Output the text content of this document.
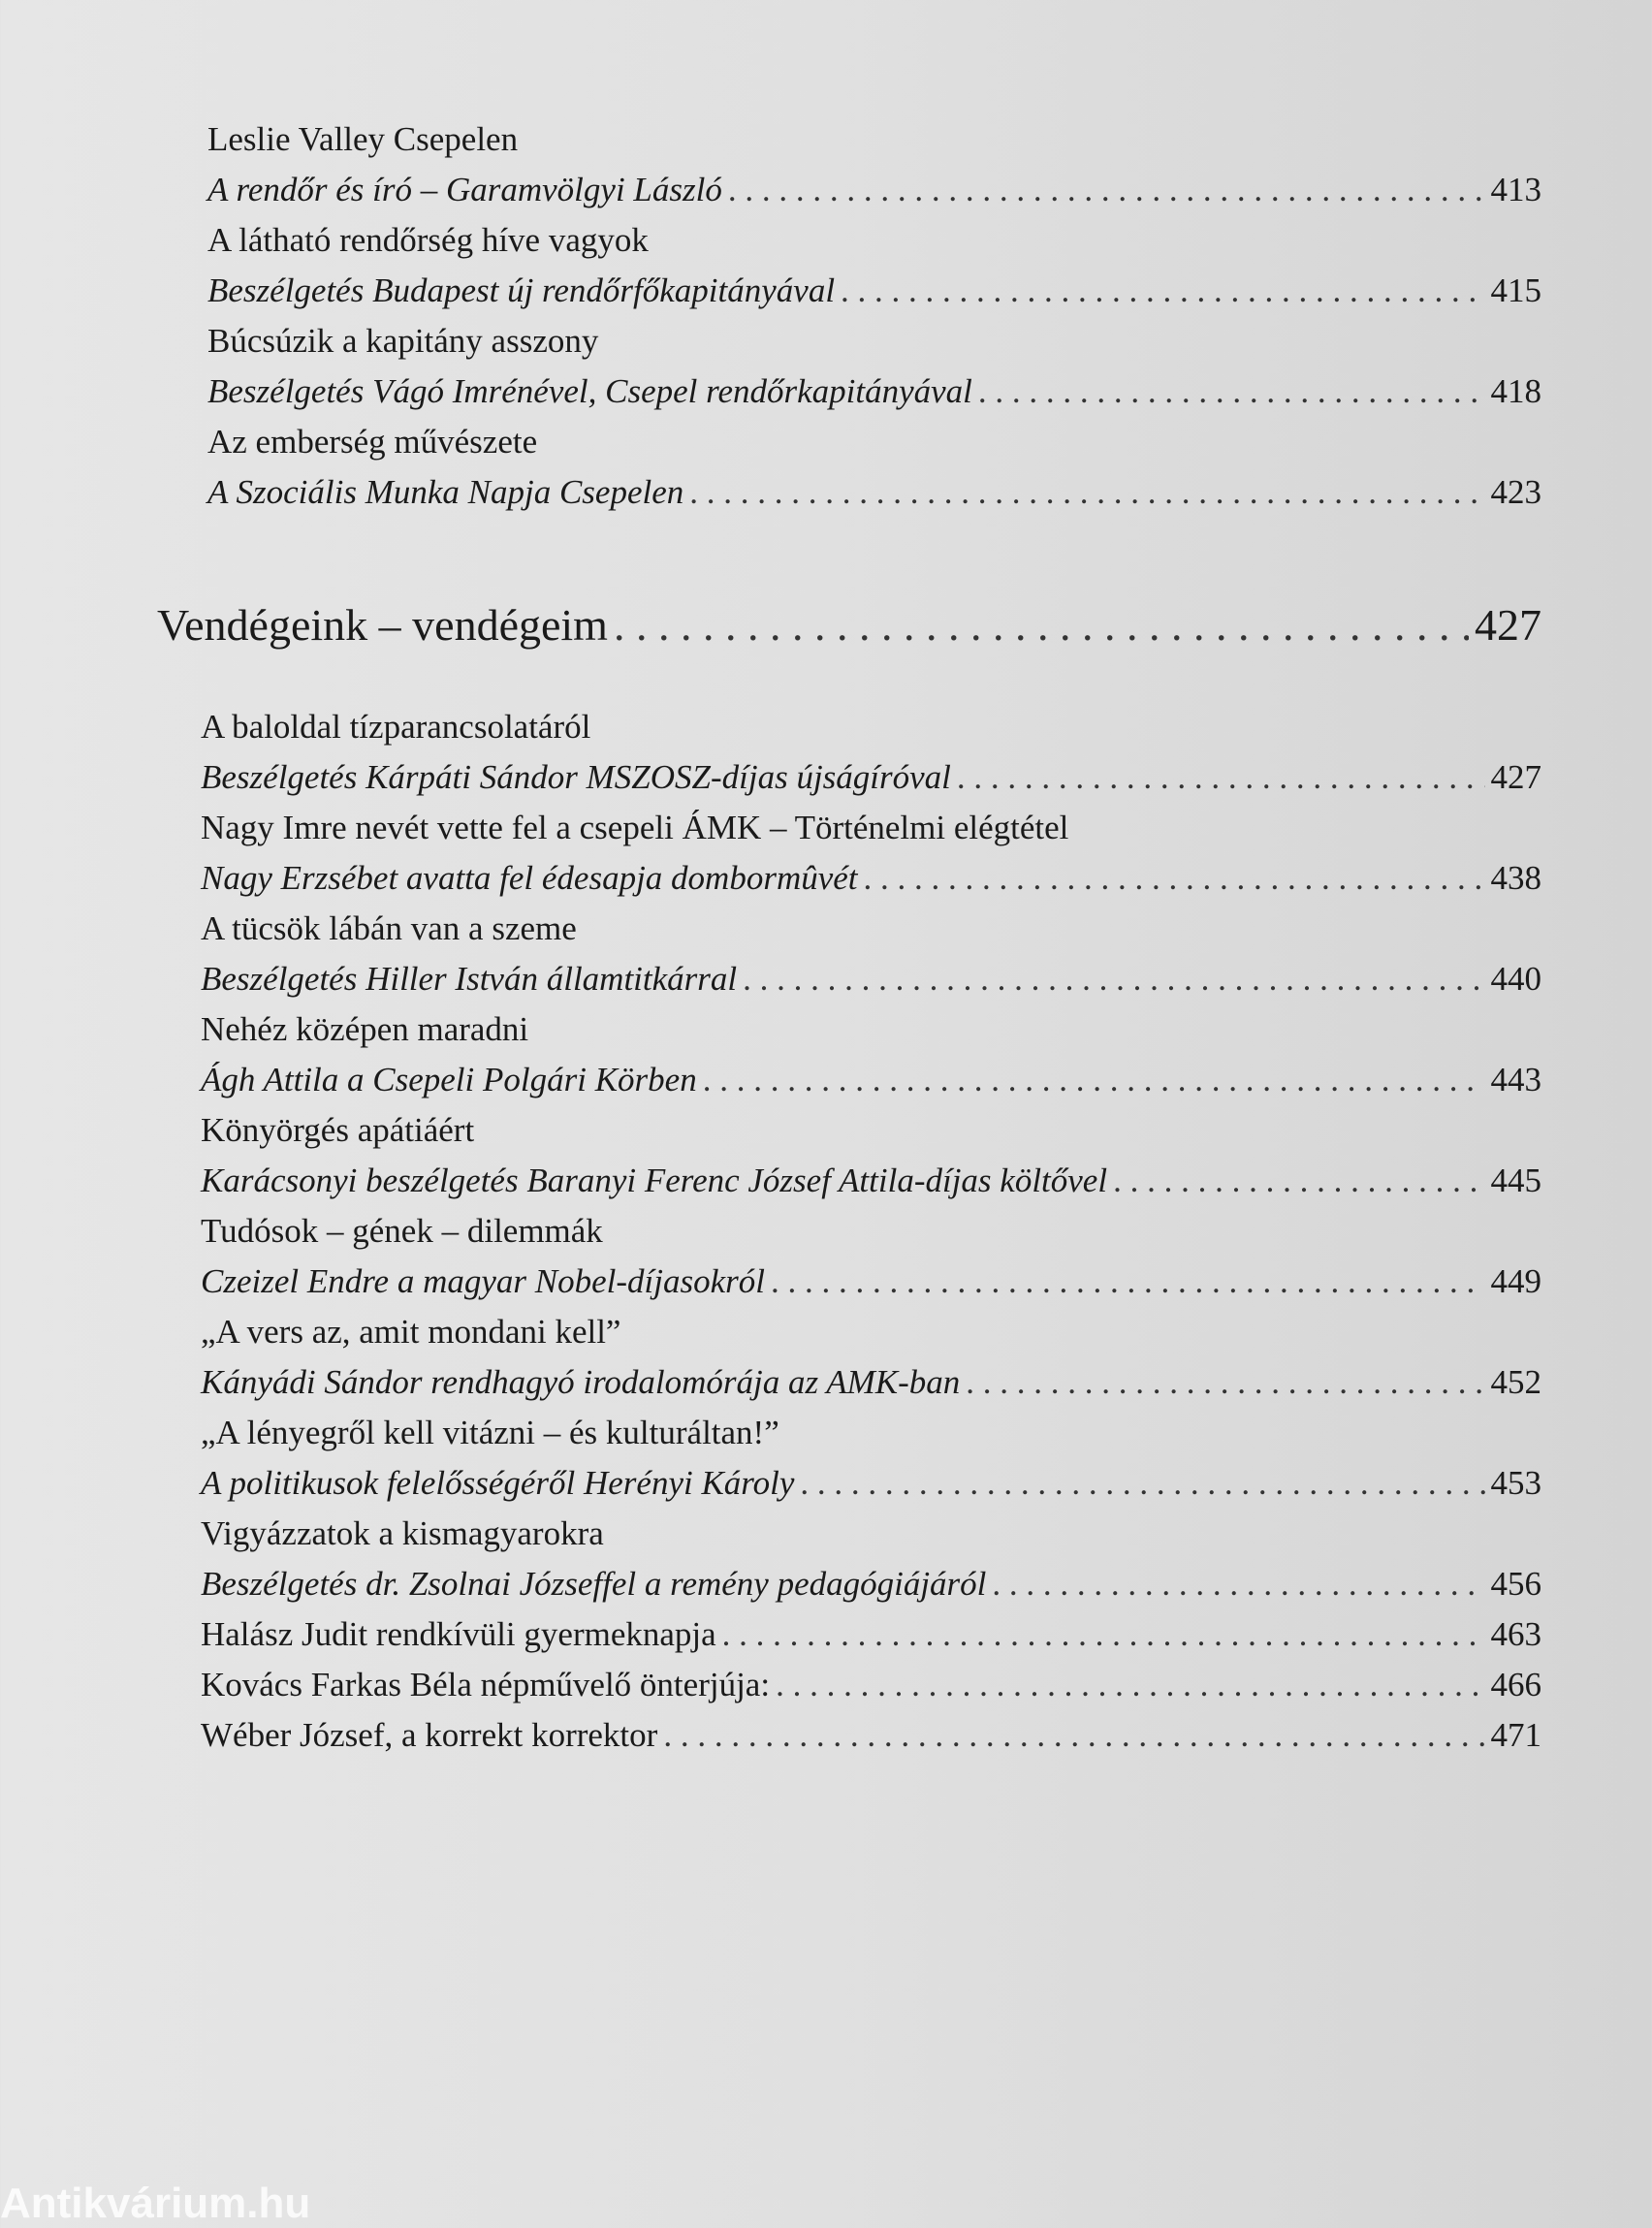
Leslie Valley Csepelen
A rendőr és író – Garamvölgyi László . . .	413
A látható rendőrség híve vagyok
Beszélgetés Budapest új rendőrfőkapitányával . . .	415
Búcsúzik a kapitány asszony
Beszélgetés Vágó Imrénével, Csepel rendőrkapitányával . . .	418
Az emberség művészete
A Szociális Munka Napja Csepelen . . .	423
Vendégeink – vendégeim . . .	427
A baloldal tízparancsolatáról
Beszélgetés Kárpáti Sándor MSZOSZ-díjas újságíróval . . .	427
Nagy Imre nevét vette fel a csepeli ÁMK – Történelmi elégtétel
Nagy Erzsébet avatta fel édesapja dombormûvét . . .	438
A tücsök lábán van a szeme
Beszélgetés Hiller István államtitkárral . . .	440
Nehéz középen maradni
Ágh Attila a Csepeli Polgári Körben . . .	443
Könyörgés apátiáért
Karácsonyi beszélgetés Baranyi Ferenc József Attila-díjas költővel . . .	445
Tudósok – gének – dilemmák
Czeizel Endre a magyar Nobel-díjasokról . . .	449
„A vers az, amit mondani kell”
Kányádi Sándor rendhagyó irodalomórája az AMK-ban . . .	452
„A lényegről kell vitázni – és kulturáltan!”
A politikusok felelősségéről Herényi Károly . . .	453
Vigyázzatok a kismagyarokra
Beszélgetés dr. Zsolnai Józseffel a remény pedagógiájáról . . .	456
Halász Judit rendkívüli gyermeknapja . . .	463
Kovács Farkas Béla népművelő önterjúja: . . .	466
Wéber József, a korrekt korrektor . . .	471
Antikvárium.hu
